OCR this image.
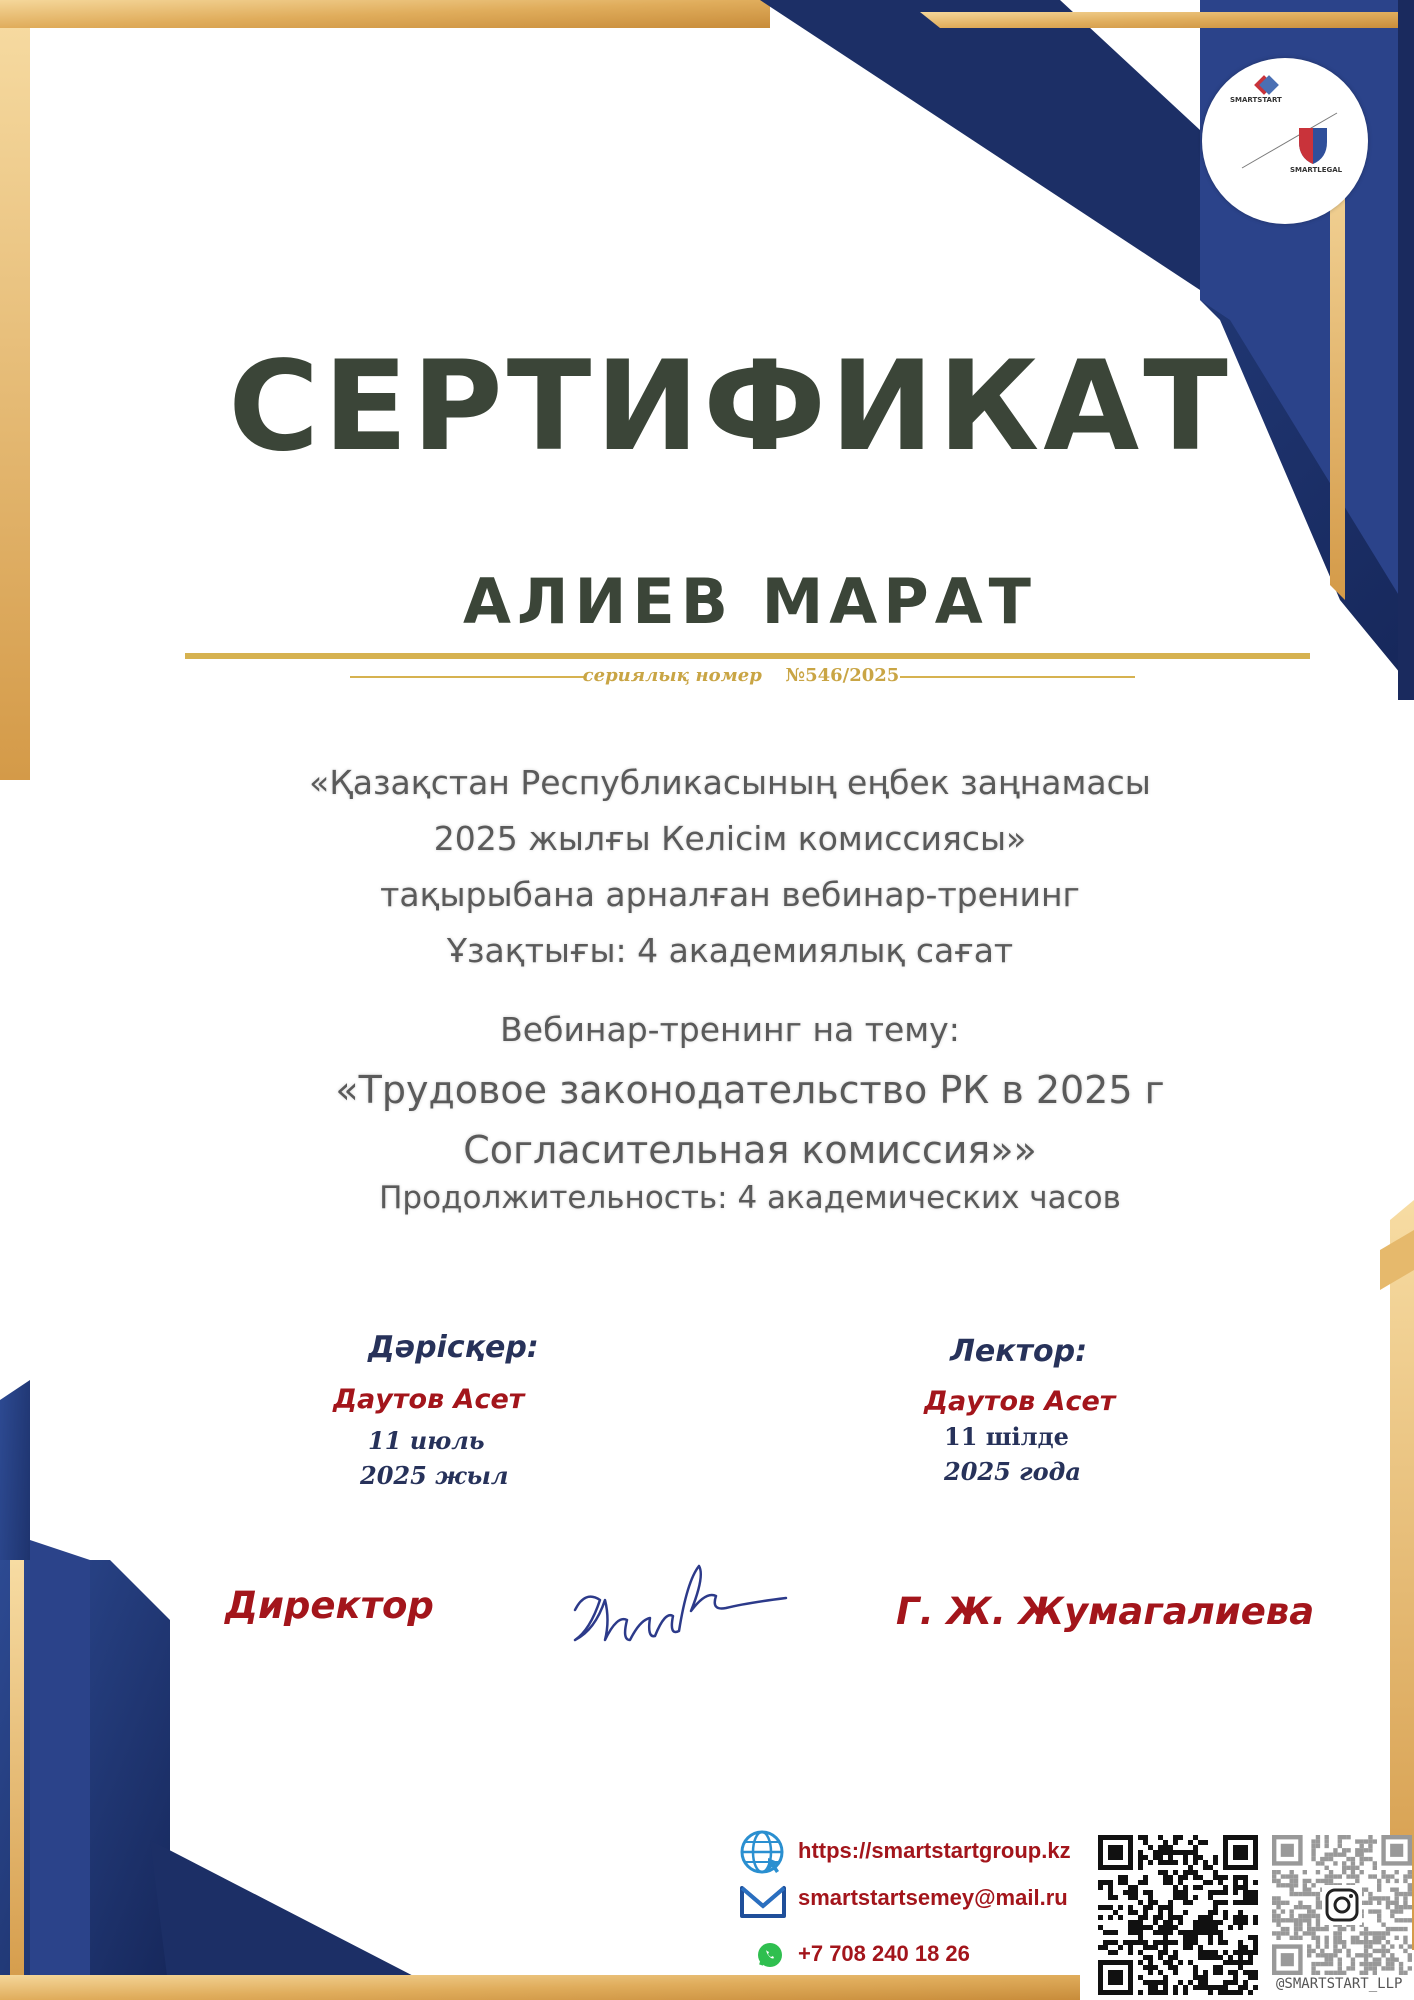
SMARTSTART
SMARTLEGAL
СЕРТИФИКАТ
АЛИЕВ МАРАТ
сериялық номер №546/2025
«Қазақстан Республикасының еңбек заңнамасы
2025 жылғы Келісім комиссиясы»
тақырыбана арналған вебинар-тренинг
Ұзақтығы: 4 академиялық сағат
Вебинар-тренинг на тему:
«Трудовое законодательство РК в 2025 г
Согласительная комиссия»»
Продолжительность: 4 академических часов
Дәрісқер:
Даутов Асет
11 июль
2025 жыл
Лектор:
Даутов Асет
11 шілде
2025 года
Директор	Г. Ж. Жумагалиева
https://smartstartgroup.kz
smartstartsemey@mail.ru
+7 708 240 18 26
@SMARTSTART_LLP
